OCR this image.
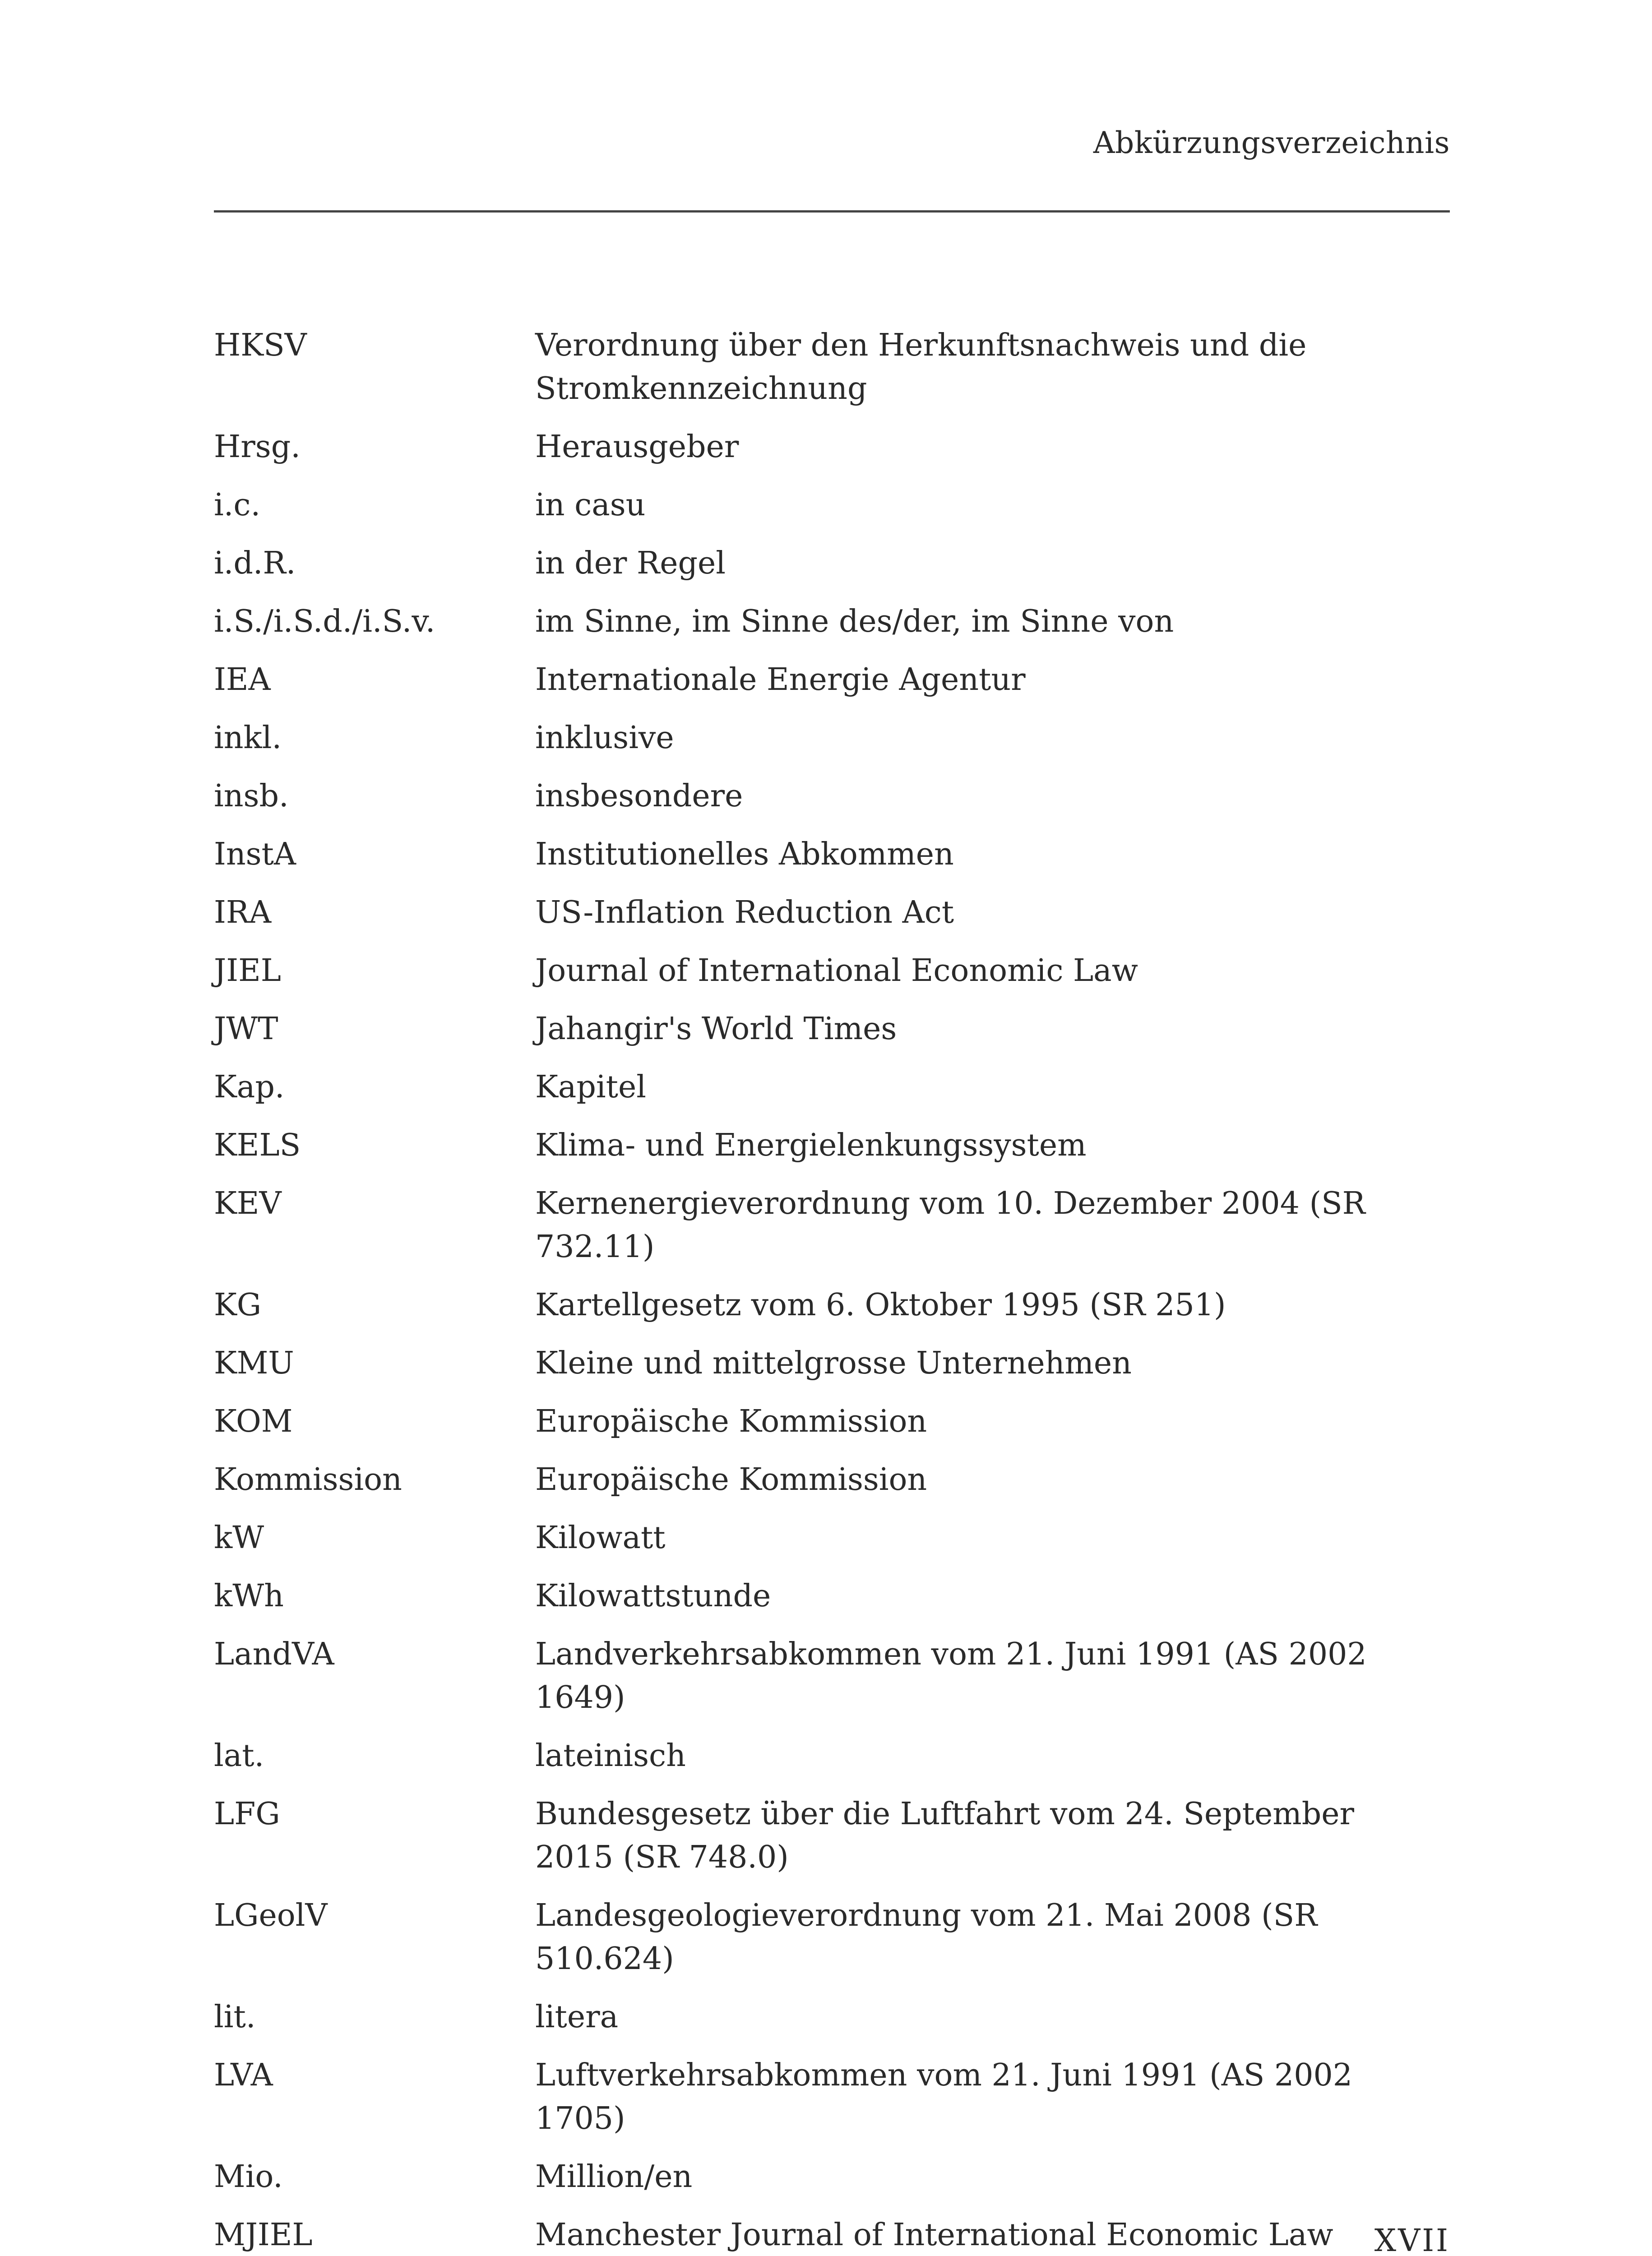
Abkürzungsverzeichnis
HKSV	Verordnung über den Herkunftsnachweis und die Stromkennzeichnung
Hrsg.	Herausgeber
i.c.	in casu
i.d.R.	in der Regel
i.S./i.S.d./i.S.v.	im Sinne, im Sinne des/der, im Sinne von
IEA	Internationale Energie Agentur
inkl.	inklusive
insb.	insbesondere
InstA	Institutionelles Abkommen
IRA	US-Inflation Reduction Act
JIEL	Journal of International Economic Law
JWT	Jahangir's World Times
Kap.	Kapitel
KELS	Klima- und Energielenkungssystem
KEV	Kernenergieverordnung vom 10. Dezember 2004 (SR 732.11)
KG	Kartellgesetz vom 6. Oktober 1995 (SR 251)
KMU	Kleine und mittelgrosse Unternehmen
KOM	Europäische Kommission
Kommission	Europäische Kommission
kW	Kilowatt
kWh	Kilowattstunde
LandVA	Landverkehrsabkommen vom 21. Juni 1991 (AS 2002 1649)
lat.	lateinisch
LFG	Bundesgesetz über die Luftfahrt vom 24. September 2015 (SR 748.0)
LGeolV	Landesgeologieverordnung vom 21. Mai 2008 (SR 510.624)
lit.	litera
LVA	Luftverkehrsabkommen vom 21. Juni 1991 (AS 2002 1705)
Mio.	Million/en
MJIEL	Manchester Journal of International Economic Law	XVII
